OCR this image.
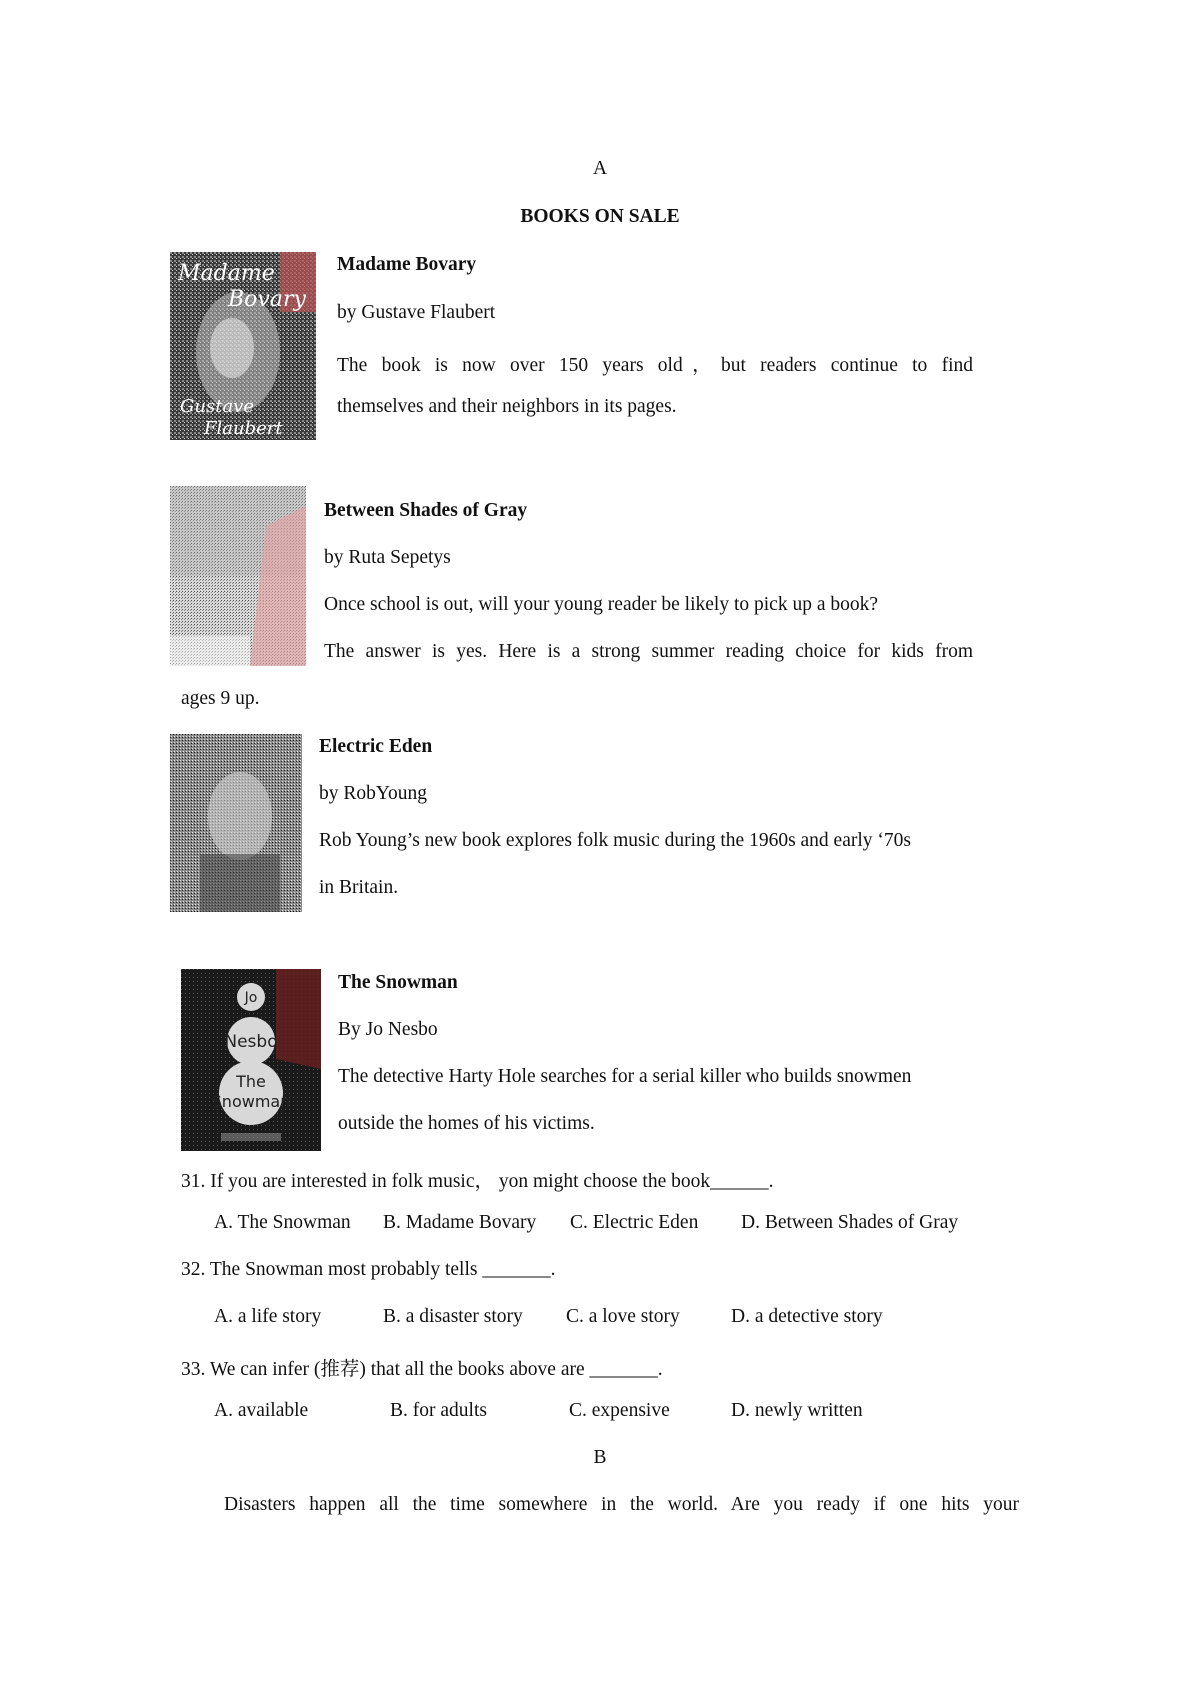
A
BOOKS ON SALE
Madame
Bovary
Gustave
Flaubert
Madame Bovary
by Gustave Flaubert
The book is now over 150 years old，but readers continue to find
themselves and their neighbors in its pages.
Between Shades of Gray
by Ruta Sepetys
Once school is out, will your young reader be likely to pick up a book?
The answer is yes. Here is a strong summer reading choice for kids from
ages 9 up.
Electric Eden
by RobYoung
Rob Young’s new book explores folk music during the 1960s and early ‘70s
in Britain.
Jo
Nesbo
The
Snowman
The Snowman
By Jo Nesbo
The detective Harty Hole searches for a serial killer who builds snowmen
outside the homes of his victims.
31. If you are interested in folk music， yon might choose the book______.
A. The Snowman B. Madame Bovary C. Electric Eden D. Between Shades of Gray
32. The Snowman most probably tells _______.
A. a life story	B. a disaster story C. a love story	D. a detective story
33. We can infer (推荐) that all the books above are _______.
A. available	B. for adults	C. expensive	D. newly written
B
Disasters happen all the time somewhere in the world. Are you ready if one hits your
